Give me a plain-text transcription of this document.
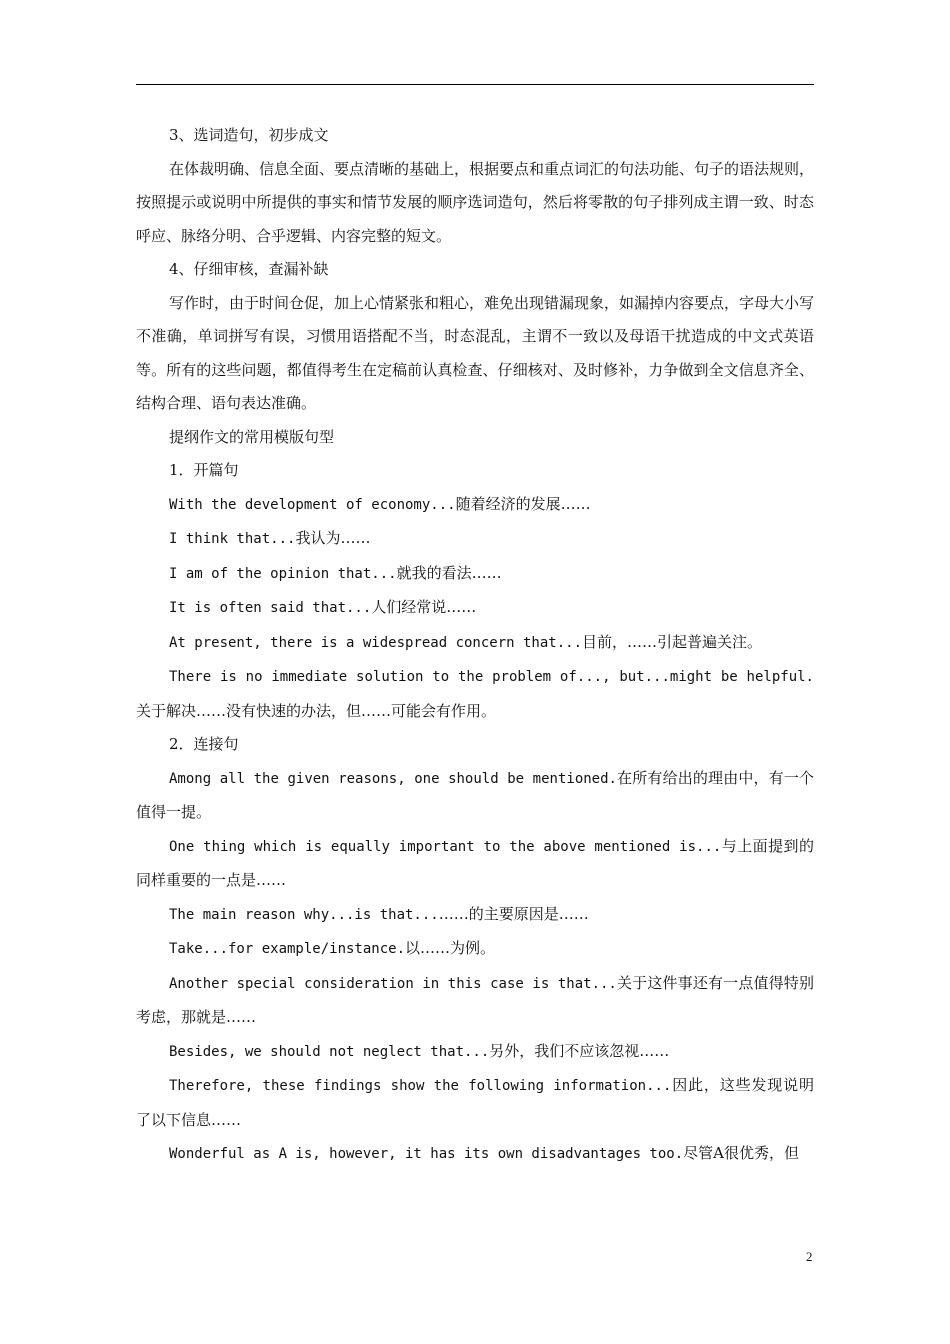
3、选词造句，初步成文

在体裁明确、信息全面、要点清晰的基础上，根据要点和重点词汇的句法功能、句子的语法规则，按照提示或说明中所提供的事实和情节发展的顺序选词造句，然后将零散的句子排列成主谓一致、时态呼应、脉络分明、合乎逻辑、内容完整的短文。

4、仔细审核，查漏补缺

写作时，由于时间仓促，加上心情紧张和粗心，难免出现错漏现象，如漏掉内容要点，字母大小写不准确，单词拼写有误，习惯用语搭配不当，时态混乱，主谓不一致以及母语干扰造成的中文式英语等。所有的这些问题，都值得考生在定稿前认真检查、仔细核对、及时修补，力争做到全文信息齐全、结构合理、语句表达准确。

提纲作文的常用模版句型

1．开篇句

With the development of economy...随着经济的发展……

I think that...我认为……

I am of the opinion that...就我的看法……

It is often said that...人们经常说……

At present, there is a widespread concern that...目前，……引起普遍关注。

There is no immediate solution to the problem of..., but...might be helpful.关于解决……没有快速的办法，但……可能会有作用。

2．连接句

Among all the given reasons, one should be mentioned.在所有给出的理由中，有一个值得一提。

One thing which is equally important to the above mentioned is...与上面提到的同样重要的一点是……

The main reason why...is that...……的主要原因是……

Take...for example/instance.以……为例。

Another special consideration in this case is that...关于这件事还有一点值得特别考虑，那就是……

Besides, we should not neglect that...另外，我们不应该忽视……

Therefore, these findings show the following information...因此，这些发现说明了以下信息……

Wonderful as A is, however, it has its own disadvantages too.尽管A很优秀，但

2
